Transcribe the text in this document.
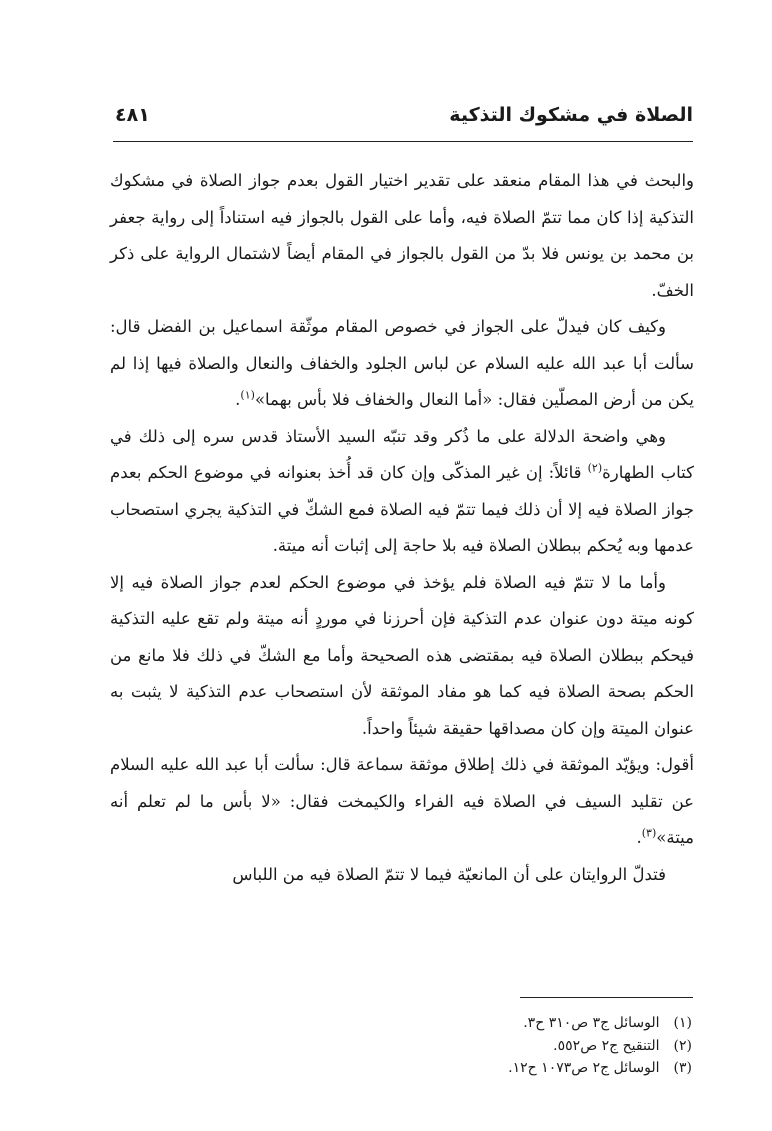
الصلاة في مشكوك التذكية
٤٨١

والبحث في هذا المقام منعقد على تقدير اختيار القول بعدم جواز الصلاة في مشكوك التذكية إذا كان مما تتمّ الصلاة فيه، وأما على القول بالجواز فيه استناداً إلى رواية جعفر بن محمد بن يونس فلا بدّ من القول بالجواز في المقام أيضاً لاشتمال الرواية على ذكر الخفّ.

وكيف كان فيدلّ على الجواز في خصوص المقام موثّقة اسماعيل بن الفضل قال: سألت أبا عبد الله عليه السلام عن لباس الجلود والخفاف والنعال والصلاة فيها إذا لم يكن من أرض المصلّين فقال: «أما النعال والخفاف فلا بأس بهما»$^{(١)}$.

وهي واضحة الدلالة على ما ذُكر وقد تنبّه السيد الأستاذ قدس سره إلى ذلك في كتاب الطهارة$^{(٢)}$ قائلاً: إن غير المذكّى وإن كان قد أُخذ بعنوانه في موضوع الحكم بعدم جواز الصلاة فيه إلا أن ذلك فيما تتمّ فيه الصلاة فمع الشكّ في التذكية يجري استصحاب عدمها وبه يُحكم ببطلان الصلاة فيه بلا حاجة إلى إثبات أنه ميتة.

وأما ما لا تتمّ فيه الصلاة فلم يؤخذ في موضوع الحكم لعدم جواز الصلاة فيه إلا كونه ميتة دون عنوان عدم التذكية فإن أحرزنا في موردٍ أنه ميتة ولم تقع عليه التذكية فيحكم ببطلان الصلاة فيه بمقتضى هذه الصحيحة وأما مع الشكّ في ذلك فلا مانع من الحكم بصحة الصلاة فيه كما هو مفاد الموثقة لأن استصحاب عدم التذكية لا يثبت به عنوان الميتة وإن كان مصداقها حقيقة شيئاً واحداً.

أقول: ويؤيّد الموثقة في ذلك إطلاق موثقة سماعة قال: سألت أبا عبد الله عليه السلام عن تقليد السيف في الصلاة فيه الفراء والكيمخت فقال: «لا بأس ما لم تعلم أنه ميتة»$^{(٣)}$.

فتدلّ الروايتان على أن المانعيّة فيما لا تتمّ الصلاة فيه من اللباس

(١) الوسائل ج٣ ص٣١٠ ح٣.

(٢) التنقيح ج٢ ص٥٥٢.

(٣) الوسائل ج٢ ص١٠٧٣ ح١٢.
